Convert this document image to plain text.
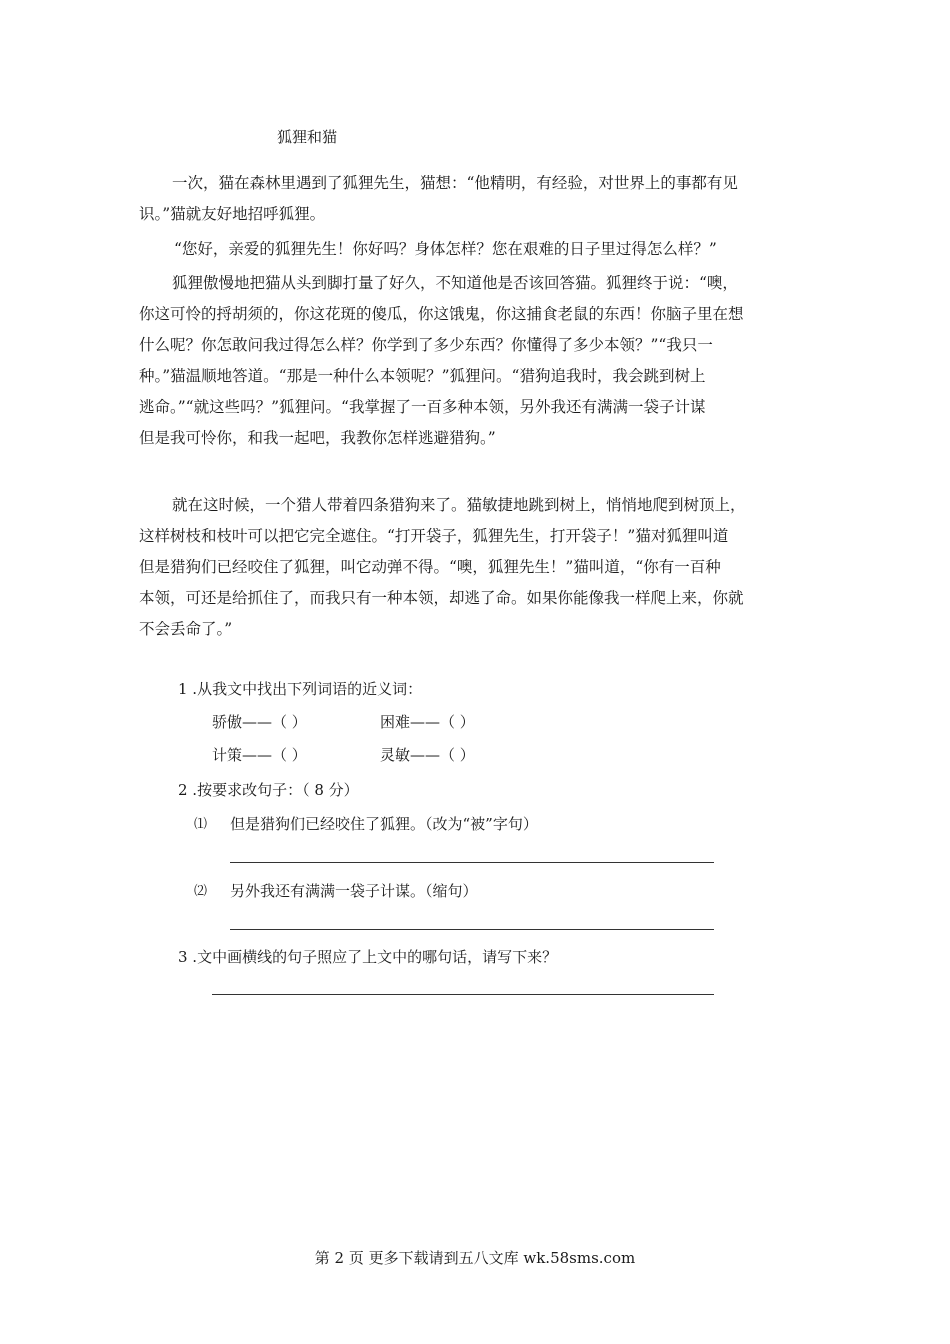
狐狸和猫
一次，猫在森林里遇到了狐狸先生，猫想：“他精明，有经验，对世界上的事都有见
识。”猫就友好地招呼狐狸。
“您好，亲爱的狐狸先生！你好吗？身体怎样？您在艰难的日子里过得怎么样？”
狐狸傲慢地把猫从头到脚打量了好久，不知道他是否该回答猫。狐狸终于说：“噢，
你这可怜的捋胡须的，你这花斑的傻瓜，你这饿鬼，你这捕食老鼠的东西！你脑子里在想
什么呢？你怎敢问我过得怎么样？你学到了多少东西？你懂得了多少本领？”“我只一
种。”猫温顺地答道。“那是一种什么本领呢？”狐狸问。“猎狗追我时，我会跳到树上
逃命。”“就这些吗？”狐狸问。“我掌握了一百多种本领，另外我还有满满一袋子计谋
但是我可怜你，和我一起吧，我教你怎样逃避猎狗。”
就在这时候，一个猎人带着四条猎狗来了。猫敏捷地跳到树上，悄悄地爬到树顶上，
这样树枝和枝叶可以把它完全遮住。“打开袋子，狐狸先生，打开袋子！”猫对狐狸叫道
但是猎狗们已经咬住了狐狸，叫它动弹不得。“噢，狐狸先生！”猫叫道，“你有一百种
本领，可还是给抓住了，而我只有一种本领，却逃了命。如果你能像我一样爬上来，你就
不会丢命了。”
1 .从我文中找出下列词语的近义词：
骄傲——（ ）	困难——（ ）
计策——（ ）	灵敏——（ ）
2 .按要求改句子：（ 8 分）
⑴ 但是猎狗们已经咬住了狐狸。（改为“被”字句）
⑵ 另外我还有满满一袋子计谋。（缩句）
3 .文中画横线的句子照应了上文中的哪句话，请写下来？
第 2 页 更多下载请到五八文库 wk.58sms.com
